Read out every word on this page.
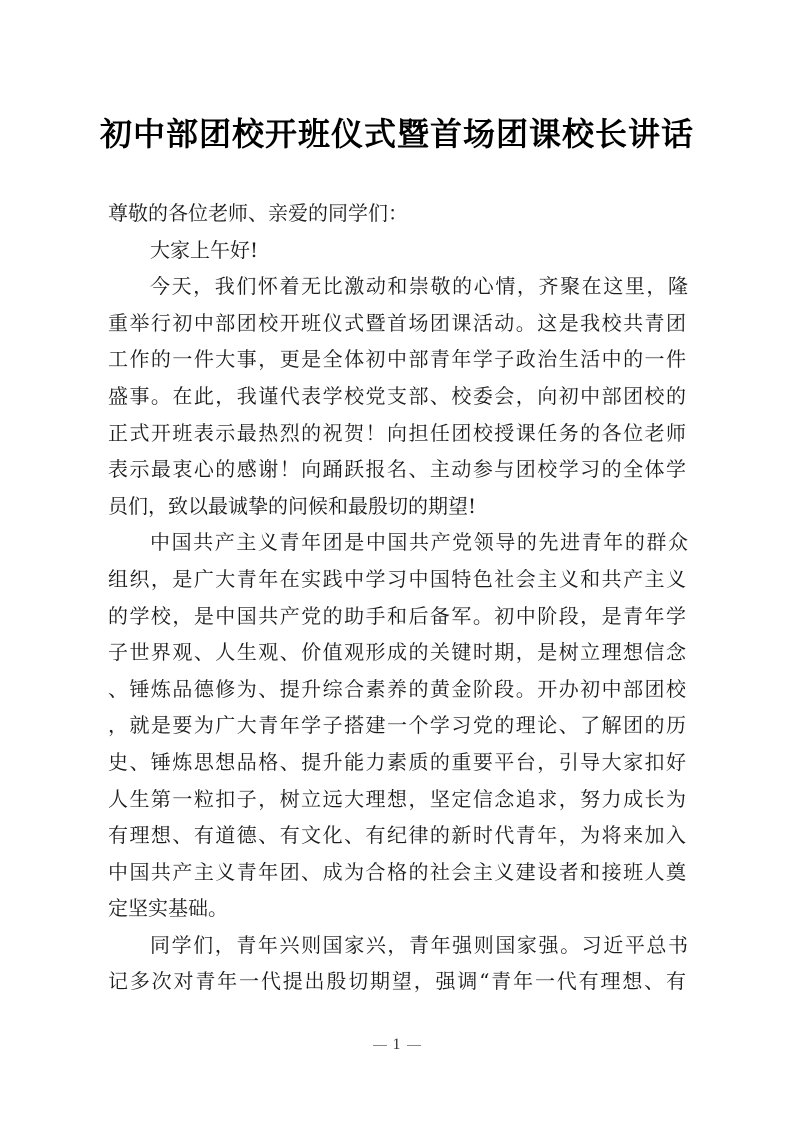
初中部团校开班仪式暨首场团课校长讲话
尊敬的各位老师、亲爱的同学们：
大家上午好!
今天，我们怀着无比激动和崇敬的心情，齐聚在这里，隆
重举行初中部团校开班仪式暨首场团课活动。这是我校共青团
工作的一件大事，更是全体初中部青年学子政治生活中的一件
盛事。在此，我谨代表学校党支部、校委会，向初中部团校的
正式开班表示最热烈的祝贺！向担任团校授课任务的各位老师
表示最衷心的感谢！向踊跃报名、主动参与团校学习的全体学
员们，致以最诚挚的问候和最殷切的期望!
中国共产主义青年团是中国共产党领导的先进青年的群众
组织，是广大青年在实践中学习中国特色社会主义和共产主义
的学校，是中国共产党的助手和后备军。初中阶段，是青年学
子世界观、人生观、价值观形成的关键时期，是树立理想信念
、锤炼品德修为、提升综合素养的黄金阶段。开办初中部团校
，就是要为广大青年学子搭建一个学习党的理论、了解团的历
史、锤炼思想品格、提升能力素质的重要平台，引导大家扣好
人生第一粒扣子，树立远大理想，坚定信念追求，努力成长为
有理想、有道德、有文化、有纪律的新时代青年，为将来加入
中国共产主义青年团、成为合格的社会主义建设者和接班人奠
定坚实基础。
同学们，青年兴则国家兴，青年强则国家强。习近平总书
记多次对青年一代提出殷切期望，强调“青年一代有理想、有
1
